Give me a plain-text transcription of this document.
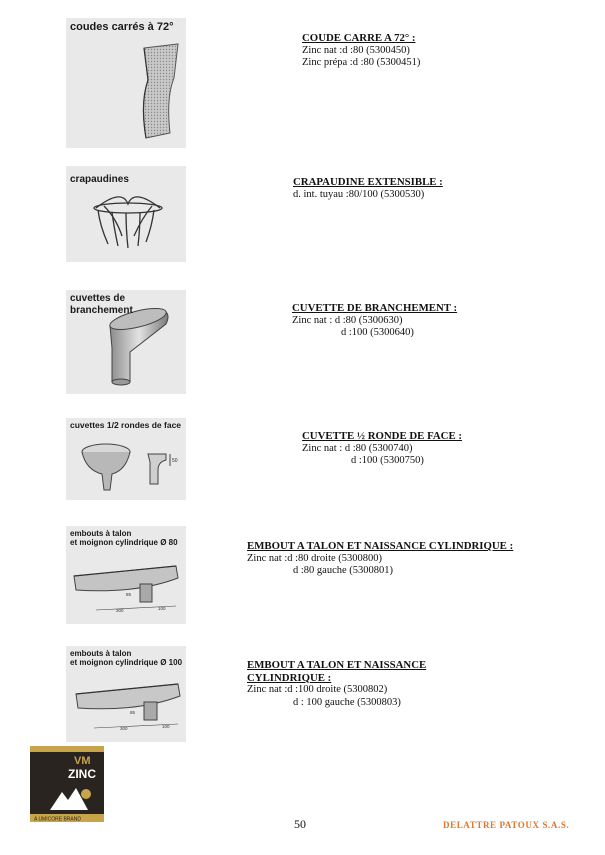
coudes carrés à 72°
COUDE CARRE A 72° :
Zinc nat :d :80 (5300450)
Zinc prépa :d :80 (5300451)
crapaudines	CRAPAUDINE EXTENSIBLE :
d. int. tuyau :80/100 (5300530)
cuvettes de branchement	CUVETTE DE BRANCHEMENT :
Zinc nat : d :80 (5300630)
d :100 (5300640)
50
cuvettes 1/2 rondes de face
CUVETTE ½ RONDE DE FACE :
Zinc nat : d :80 (5300740)
d :100 (5300750)
300	100
85
embouts à talon
et moignon cylindrique Ø 80	EMBOUT A TALON ET NAISSANCE CYLINDRIQUE :
Zinc nat :d :80 droite (5300800)
d :80 gauche (5300801)
300	100
85
embouts à talon
et moignon cylindrique Ø 100	EMBOUT A TALON ET NAISSANCE
CYLINDRIQUE :
Zinc nat :d :100 droite (5300802)
d : 100 gauche (5300803)
VM
ZINC
A UMICORE BRAND	50	DELATTRE PATOUX S.A.S.
